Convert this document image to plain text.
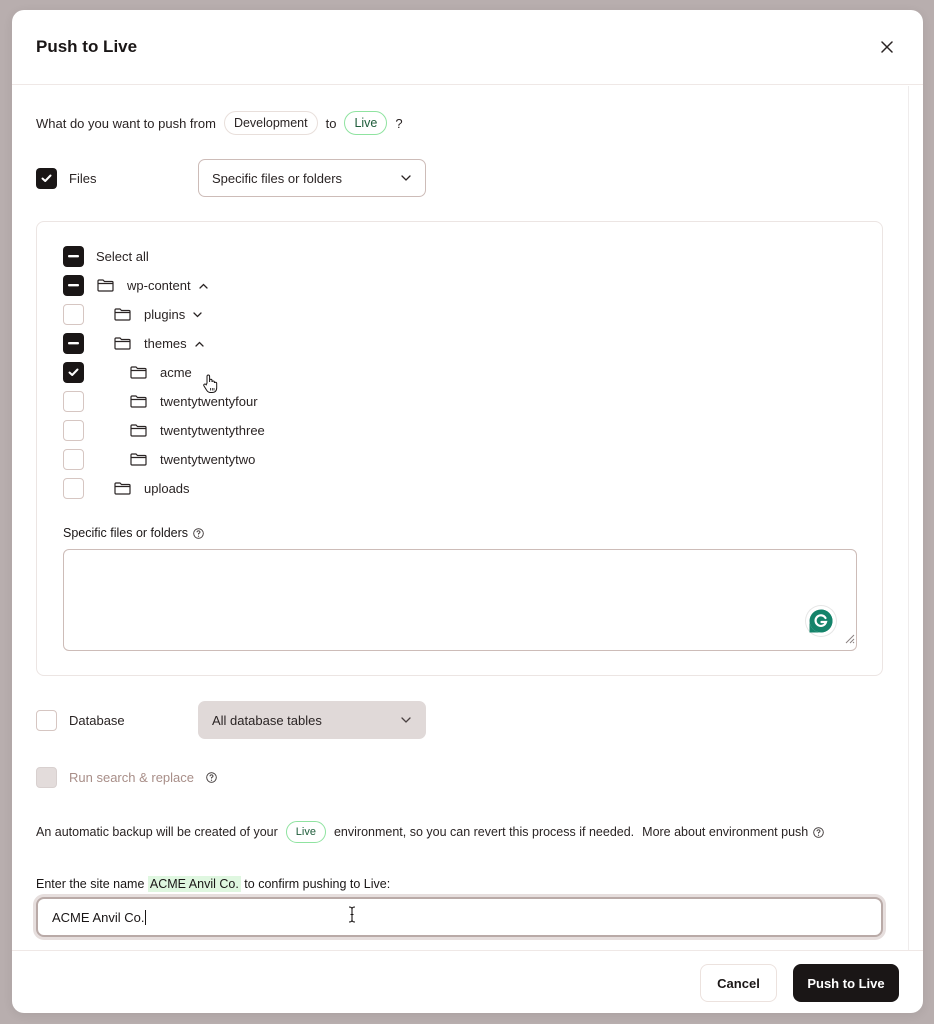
Push to Live
What do you want to push from	Development	to	Live	?
Files	Specific files or folders
Select all
wp-content
plugins
themes
acme
twentytwentyfour
twentytwentythree
twentytwentytwo
uploads
Specific files or folders
Database	All database tables
Run search & replace
An automatic backup will be created of your	Live	environment, so you can revert this process if needed. More about environment push
Enter the site name ACME Anvil Co. to confirm pushing to Live:
ACME Anvil Co.
Cancel	Push to Live
